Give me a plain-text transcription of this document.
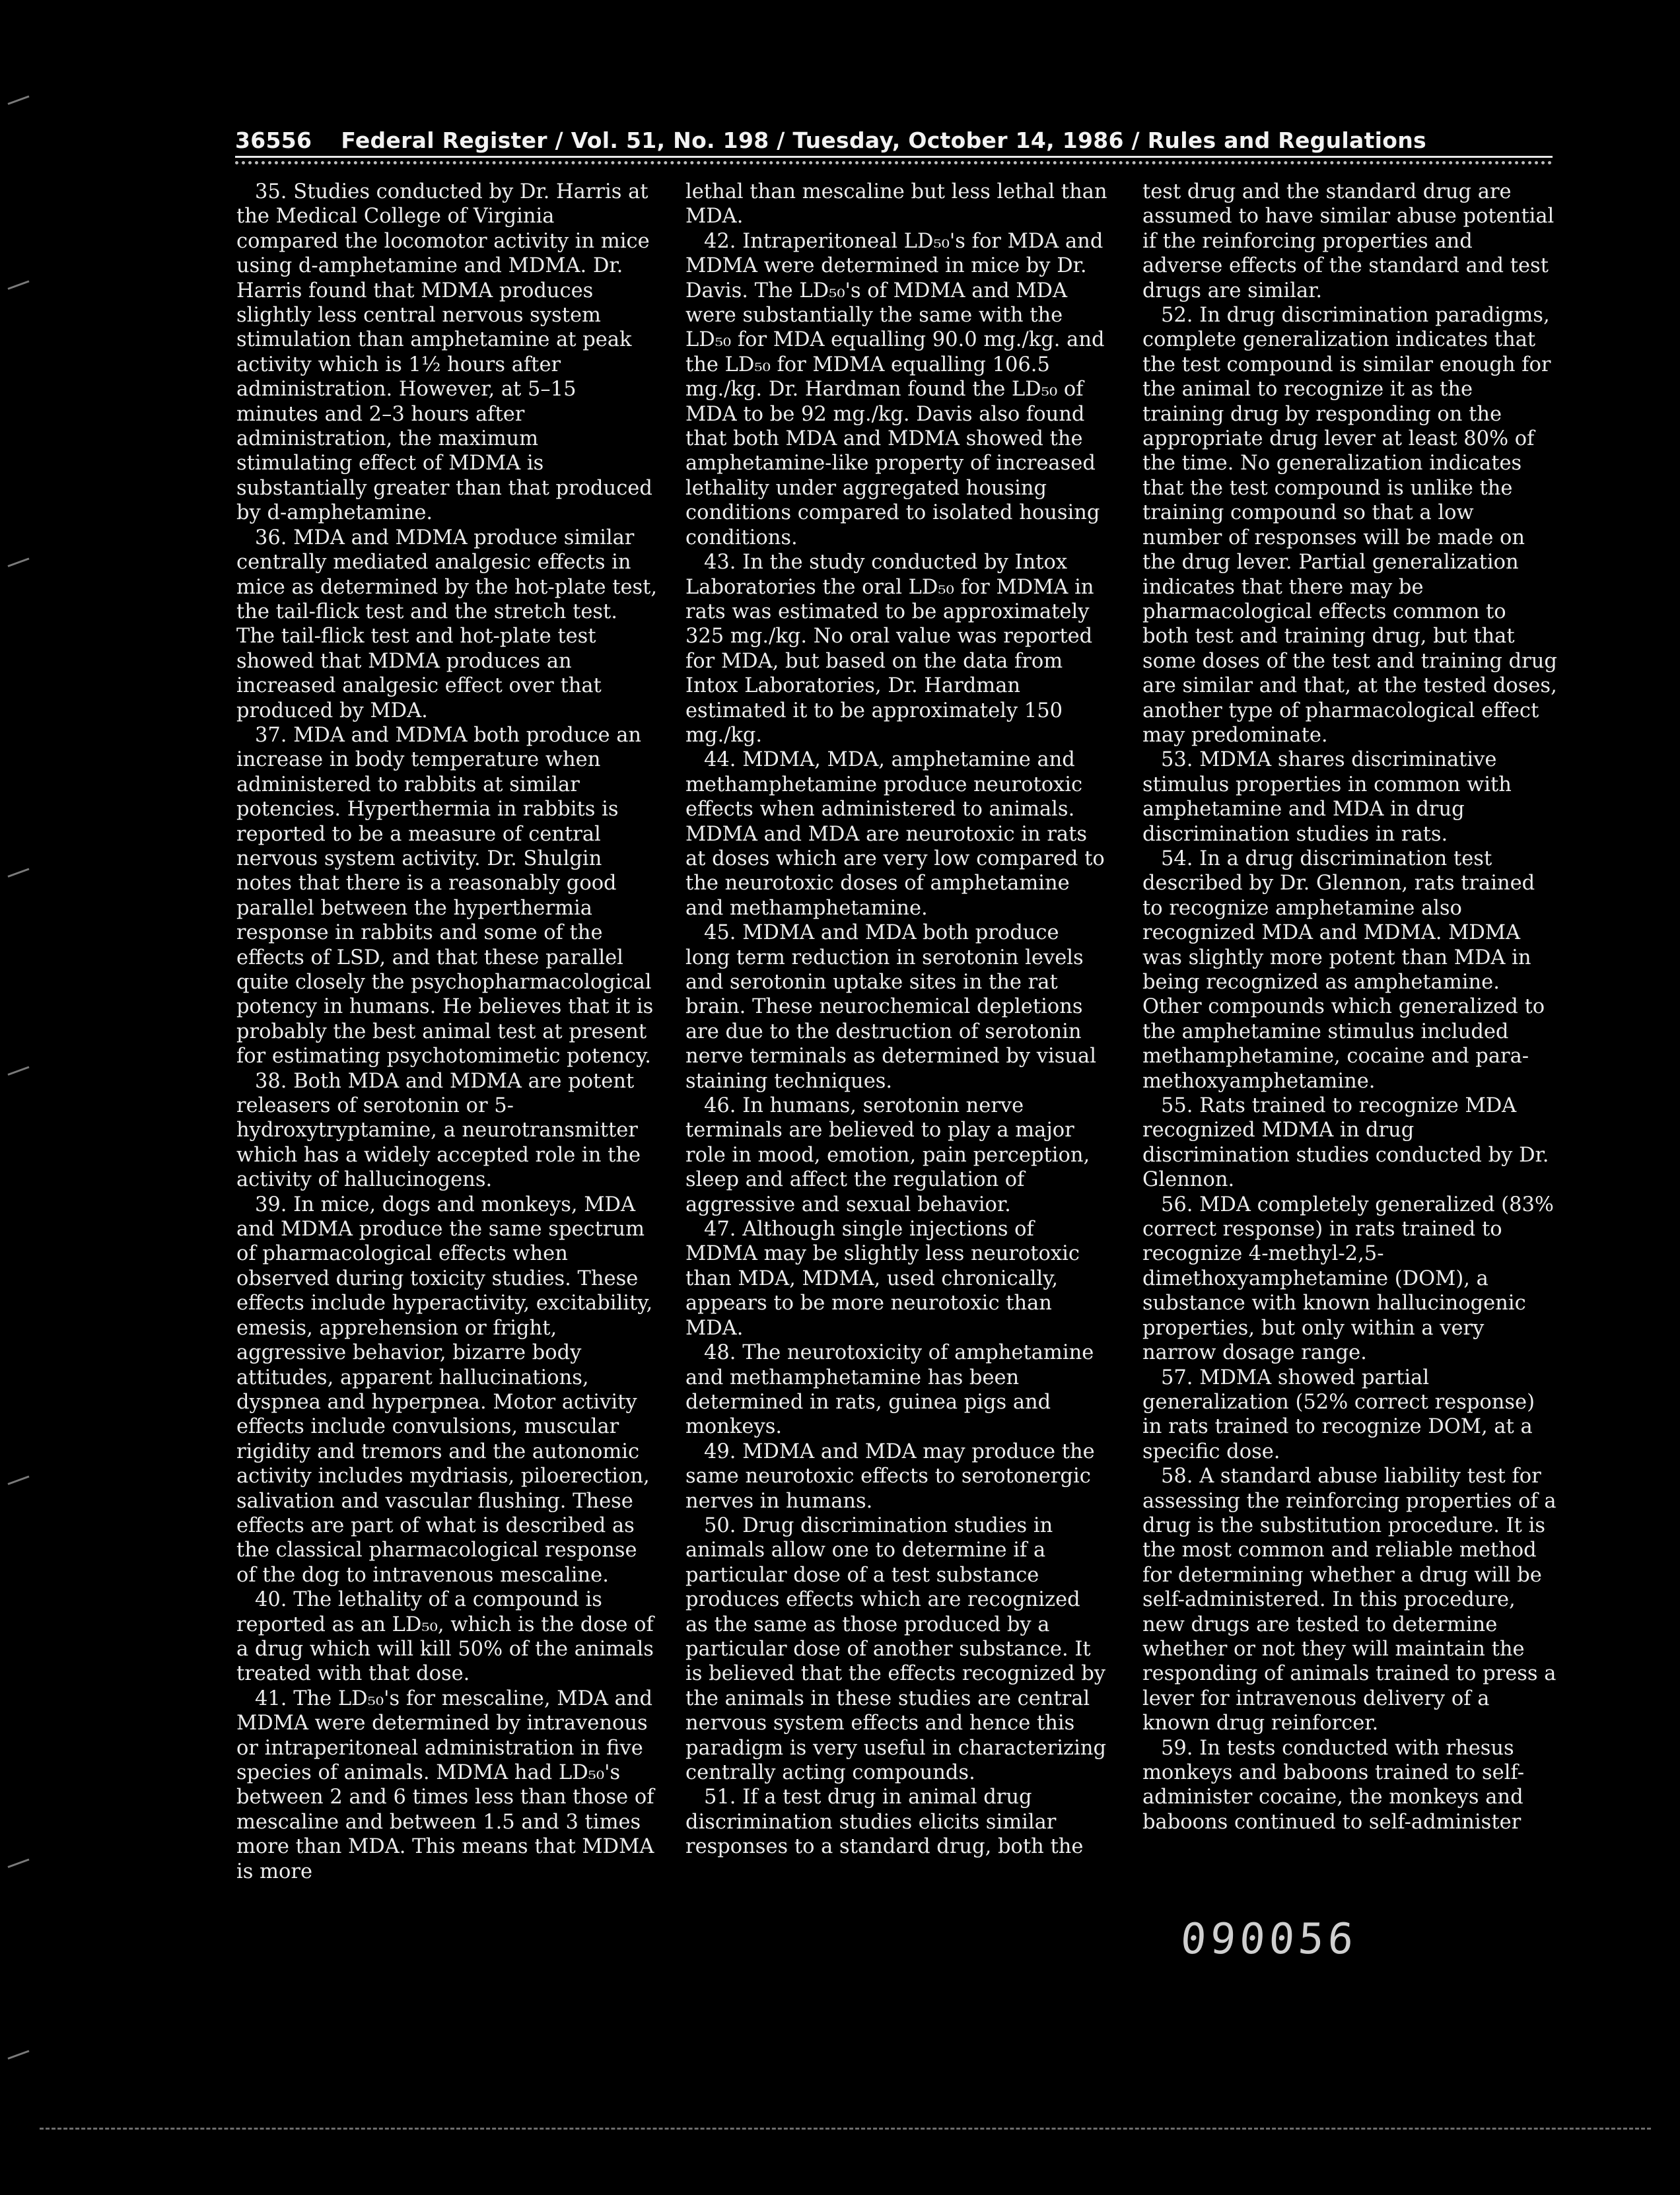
36556 Federal Register / Vol. 51, No. 198 / Tuesday, October 14, 1986 / Rules and Regulations

35. Studies conducted by Dr. Harris at the Medical College of Virginia compared the locomotor activity in mice using d-amphetamine and MDMA. Dr. Harris found that MDMA produces slightly less central nervous system stimulation than amphetamine at peak activity which is 1½ hours after administration. However, at 5–15 minutes and 2–3 hours after administration, the maximum stimulating effect of MDMA is substantially greater than that produced by d-amphetamine.

36. MDA and MDMA produce similar centrally mediated analgesic effects in mice as determined by the hot-plate test, the tail-flick test and the stretch test. The tail-flick test and hot-plate test showed that MDMA produces an increased analgesic effect over that produced by MDA.

37. MDA and MDMA both produce an increase in body temperature when administered to rabbits at similar potencies. Hyperthermia in rabbits is reported to be a measure of central nervous system activity. Dr. Shulgin notes that there is a reasonably good parallel between the hyperthermia response in rabbits and some of the effects of LSD, and that these parallel quite closely the psychopharmacological potency in humans. He believes that it is probably the best animal test at present for estimating psychotomimetic potency.

38. Both MDA and MDMA are potent releasers of serotonin or 5-hydroxytryptamine, a neurotransmitter which has a widely accepted role in the activity of hallucinogens.

39. In mice, dogs and monkeys, MDA and MDMA produce the same spectrum of pharmacological effects when observed during toxicity studies. These effects include hyperactivity, excitability, emesis, apprehension or fright, aggressive behavior, bizarre body attitudes, apparent hallucinations, dyspnea and hyperpnea. Motor activity effects include convulsions, muscular rigidity and tremors and the autonomic activity includes mydriasis, piloerection, salivation and vascular flushing. These effects are part of what is described as the classical pharmacological response of the dog to intravenous mescaline.

40. The lethality of a compound is reported as an LD₅₀, which is the dose of a drug which will kill 50% of the animals treated with that dose.

41. The LD₅₀'s for mescaline, MDA and MDMA were determined by intravenous or intraperitoneal administration in five species of animals. MDMA had LD₅₀'s between 2 and 6 times less than those of mescaline and between 1.5 and 3 times more than MDA. This means that MDMA is more

lethal than mescaline but less lethal than MDA.

42. Intraperitoneal LD₅₀'s for MDA and MDMA were determined in mice by Dr. Davis. The LD₅₀'s of MDMA and MDA were substantially the same with the LD₅₀ for MDA equalling 90.0 mg./kg. and the LD₅₀ for MDMA equalling 106.5 mg./kg. Dr. Hardman found the LD₅₀ of MDA to be 92 mg./kg. Davis also found that both MDA and MDMA showed the amphetamine-like property of increased lethality under aggregated housing conditions compared to isolated housing conditions.

43. In the study conducted by Intox Laboratories the oral LD₅₀ for MDMA in rats was estimated to be approximately 325 mg./kg. No oral value was reported for MDA, but based on the data from Intox Laboratories, Dr. Hardman estimated it to be approximately 150 mg./kg.

44. MDMA, MDA, amphetamine and methamphetamine produce neurotoxic effects when administered to animals. MDMA and MDA are neurotoxic in rats at doses which are very low compared to the neurotoxic doses of amphetamine and methamphetamine.

45. MDMA and MDA both produce long term reduction in serotonin levels and serotonin uptake sites in the rat brain. These neurochemical depletions are due to the destruction of serotonin nerve terminals as determined by visual staining techniques.

46. In humans, serotonin nerve terminals are believed to play a major role in mood, emotion, pain perception, sleep and affect the regulation of aggressive and sexual behavior.

47. Although single injections of MDMA may be slightly less neurotoxic than MDA, MDMA, used chronically, appears to be more neurotoxic than MDA.

48. The neurotoxicity of amphetamine and methamphetamine has been determined in rats, guinea pigs and monkeys.

49. MDMA and MDA may produce the same neurotoxic effects to serotonergic nerves in humans.

50. Drug discrimination studies in animals allow one to determine if a particular dose of a test substance produces effects which are recognized as the same as those produced by a particular dose of another substance. It is believed that the effects recognized by the animals in these studies are central nervous system effects and hence this paradigm is very useful in characterizing centrally acting compounds.

51. If a test drug in animal drug discrimination studies elicits similar responses to a standard drug, both the

test drug and the standard drug are assumed to have similar abuse potential if the reinforcing properties and adverse effects of the standard and test drugs are similar.

52. In drug discrimination paradigms, complete generalization indicates that the test compound is similar enough for the animal to recognize it as the training drug by responding on the appropriate drug lever at least 80% of the time. No generalization indicates that the test compound is unlike the training compound so that a low number of responses will be made on the drug lever. Partial generalization indicates that there may be pharmacological effects common to both test and training drug, but that some doses of the test and training drug are similar and that, at the tested doses, another type of pharmacological effect may predominate.

53. MDMA shares discriminative stimulus properties in common with amphetamine and MDA in drug discrimination studies in rats.

54. In a drug discrimination test described by Dr. Glennon, rats trained to recognize amphetamine also recognized MDA and MDMA. MDMA was slightly more potent than MDA in being recognized as amphetamine. Other compounds which generalized to the amphetamine stimulus included methamphetamine, cocaine and para-methoxyamphetamine.

55. Rats trained to recognize MDA recognized MDMA in drug discrimination studies conducted by Dr. Glennon.

56. MDA completely generalized (83% correct response) in rats trained to recognize 4-methyl-2,5-dimethoxyamphetamine (DOM), a substance with known hallucinogenic properties, but only within a very narrow dosage range.

57. MDMA showed partial generalization (52% correct response) in rats trained to recognize DOM, at a specific dose.

58. A standard abuse liability test for assessing the reinforcing properties of a drug is the substitution procedure. It is the most common and reliable method for determining whether a drug will be self-administered. In this procedure, new drugs are tested to determine whether or not they will maintain the responding of animals trained to press a lever for intravenous delivery of a known drug reinforcer.

59. In tests conducted with rhesus monkeys and baboons trained to self-administer cocaine, the monkeys and baboons continued to self-administer

090056
